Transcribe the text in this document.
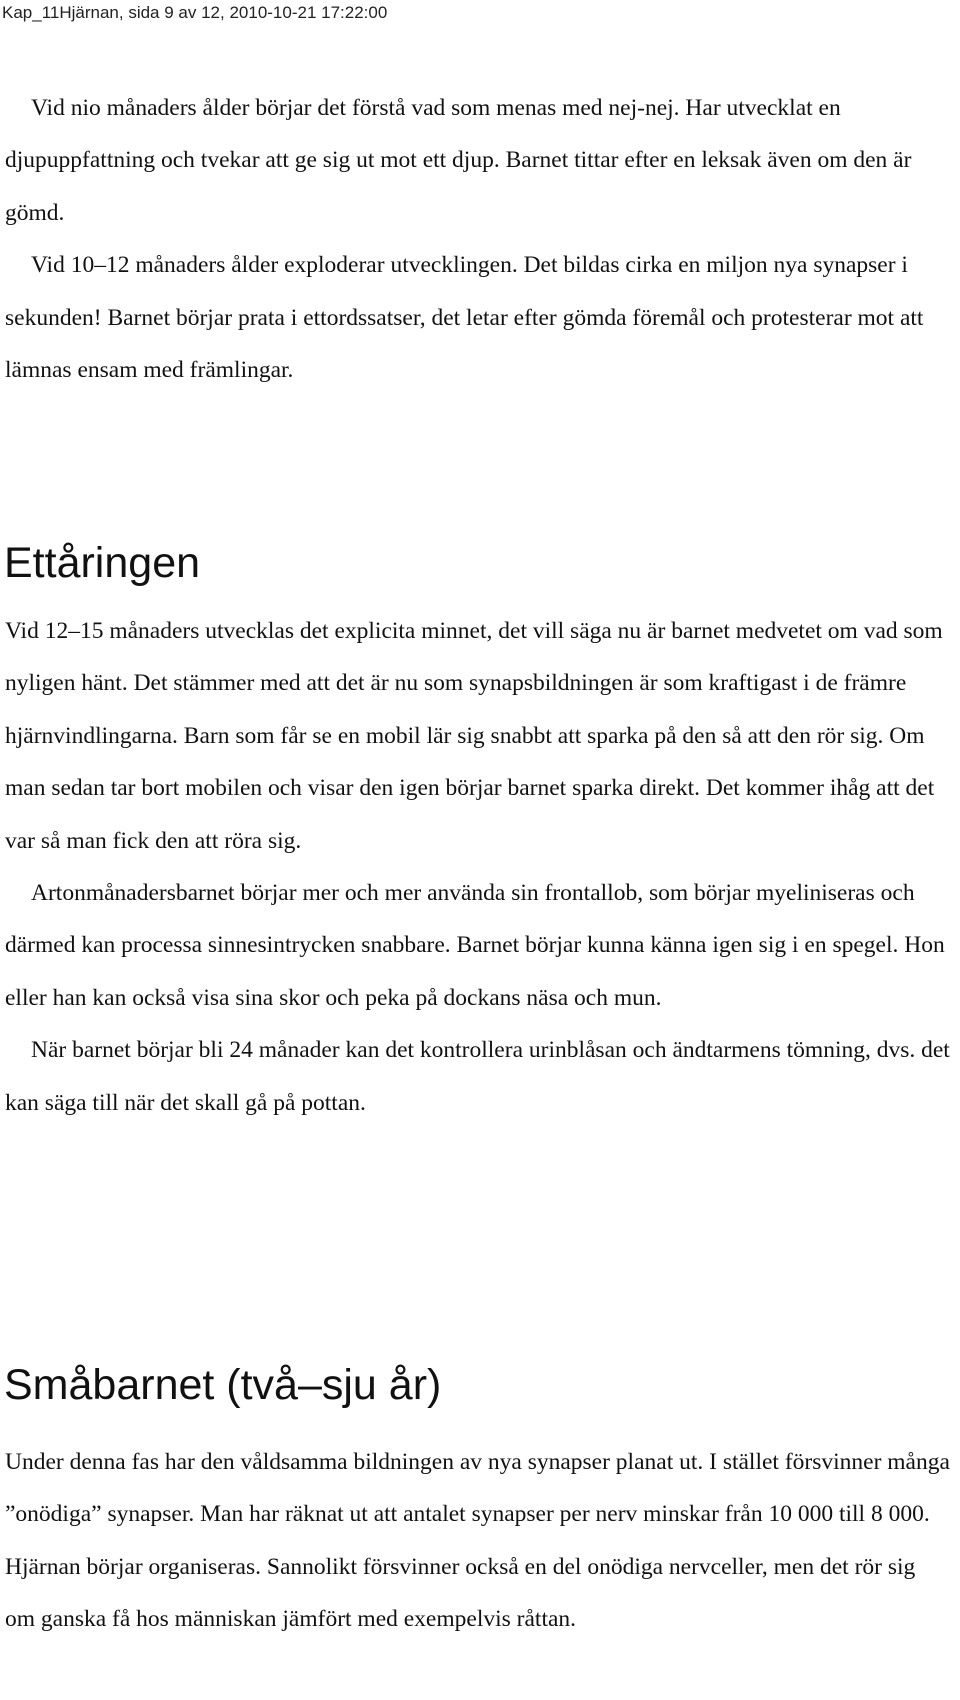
Kap_11Hjärnan, sida 9 av 12, 2010-10-21 17:22:00

Vid nio månaders ålder börjar det förstå vad som menas med nej-nej. Har utvecklat en djupuppfattning och tvekar att ge sig ut mot ett djup. Barnet tittar efter en leksak även om den är gömd.

Vid 10–12 månaders ålder exploderar utvecklingen. Det bildas cirka en miljon nya synapser i sekunden! Barnet börjar prata i ettordssatser, det letar efter gömda föremål och protesterar mot att lämnas ensam med främlingar.

Ettåringen

Vid 12–15 månaders utvecklas det explicita minnet, det vill säga nu är barnet medvetet om vad som nyligen hänt. Det stämmer med att det är nu som synapsbildningen är som kraftigast i de främre hjärnvindlingarna. Barn som får se en mobil lär sig snabbt att sparka på den så att den rör sig. Om man sedan tar bort mobilen och visar den igen börjar barnet sparka direkt. Det kommer ihåg att det var så man fick den att röra sig.

Artonmånadersbarnet börjar mer och mer använda sin frontallob, som börjar myeliniseras och därmed kan processa sinnesintrycken snabbare. Barnet börjar kunna känna igen sig i en spegel. Hon eller han kan också visa sina skor och peka på dockans näsa och mun.

När barnet börjar bli 24 månader kan det kontrollera urinblåsan och ändtarmens tömning, dvs. det kan säga till när det skall gå på pottan.

Småbarnet (två–sju år)

Under denna fas har den våldsamma bildningen av nya synapser planat ut. I stället försvinner många ”onödiga” synapser. Man har räknat ut att antalet synapser per nerv minskar från 10 000 till 8 000. Hjärnan börjar organiseras. Sannolikt försvinner också en del onödiga nervceller, men det rör sig om ganska få hos människan jämfört med exempelvis råttan.
